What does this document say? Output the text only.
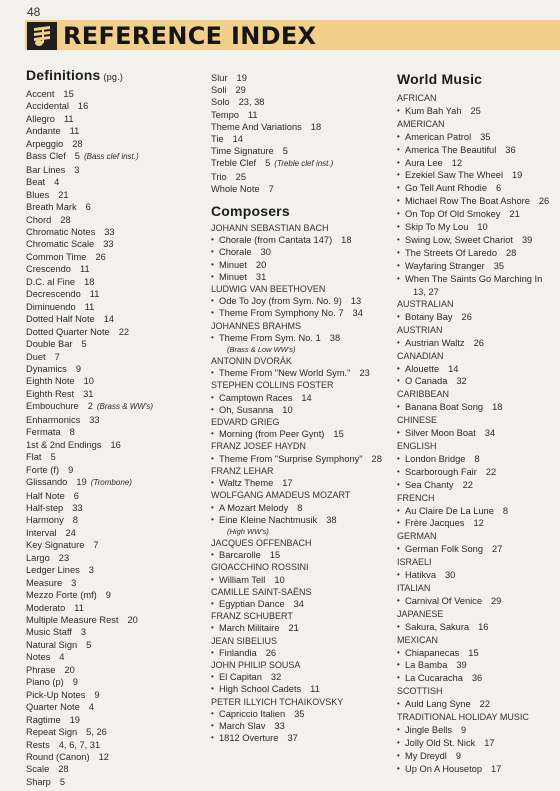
48
REFERENCE INDEX
Definitions (pg.)
Accent 15
Accidental 16
Allegro 11
Andante 11
Arpeggio 28
Bass Clef 5 (Bass clef inst.)
Bar Lines 3
Beat 4
Blues 21
Breath Mark 6
Chord 28
Chromatic Notes 33
Chromatic Scale 33
Common Time 26
Crescendo 11
D.C. al Fine 18
Decrescendo 11
Diminuendo 11
Dotted Half Note 14
Dotted Quarter Note 22
Double Bar 5
Duet 7
Dynamics 9
Eighth Note 10
Eighth Rest 31
Embouchure 2 (Brass & WW's)
Enharmonics 33
Fermata 8
1st & 2nd Endings 16
Flat 5
Forte (f) 9
Glissando 19 (Trombone)
Half Note 6
Half-step 33
Harmony 8
Interval 24
Key Signature 7
Largo 23
Ledger Lines 3
Measure 3
Mezzo Forte (mf) 9
Moderato 11
Multiple Measure Rest 20
Music Staff 3
Natural Sign 5
Notes 4
Phrase 20
Piano (p) 9
Pick-Up Notes 9
Quarter Note 4
Ragtime 19
Repeat Sign 5, 26
Rests 4, 6, 7, 31
Round (Canon) 12
Scale 28
Sharp 5
Slur 19
Soli 29
Solo 23, 38
Tempo 11
Theme And Variations 18
Tie 14
Time Signature 5
Treble Clef 5 (Treble clef inst.)
Trio 25
Whole Note 7
Composers
JOHANN SEBASTIAN BACH
• Chorale (from Cantata 147) 18
• Chorale 30
• Minuet 20
• Minuet 31
LUDWIG VAN BEETHOVEN
• Ode To Joy (from Sym. No. 9) 13
• Theme From Symphony No. 7 34
JOHANNES BRAHMS
• Theme From Sym. No. 1 38
(Brass & Low WW's)
ANTONIN DVORÁK
• Theme From "New World Sym." 23
STEPHEN COLLINS FOSTER
• Camptown Races 14
• Oh, Susanna 10
EDVARD GRIEG
• Morning (from Peer Gynt) 15
FRANZ JOSEF HAYDN
• Theme From "Surprise Symphony" 28
FRANZ LEHAR
• Waltz Theme 17
WOLFGANG AMADEUS MOZART
• A Mozart Melody 8
• Eine Kleine Nachtmusik 38
(High WW's)
JACQUES OFFENBACH
• Barcarolle 15
GIOACCHINO ROSSINI
• William Tell 10
CAMILLE SAINT-SAËNS
• Egyptian Dance 34
FRANZ SCHUBERT
• March Militaire 21
JEAN SIBELIUS
• Finlandia 26
JOHN PHILIP SOUSA
• El Capitan 32
• High School Cadets 11
PETER ILLYICH TCHAIKOVSKY
• Capriccio Italien 35
• March Slav 33
• 1812 Overture 37
World Music
AFRICAN
• Kum Bah Yah 25
AMERICAN
• American Patrol 35
• America The Beautiful 36
• Aura Lee 12
• Ezekiel Saw The Wheel 19
• Go Tell Aunt Rhodie 6
• Michael Row The Boat Ashore 26
• On Top Of Old Smokey 21
• Skip To My Lou 10
• Swing Low, Sweet Chariot 39
• The Streets Of Laredo 28
• Wayfaring Stranger 35
• When The Saints Go Marching In
13, 27
AUSTRALIAN
• Botany Bay 26
AUSTRIAN
• Austrian Waltz 26
CANADIAN
• Alouette 14
• O Canada 32
CARIBBEAN
• Banana Boat Song 18
CHINESE
• Silver Moon Boat 34
ENGLISH
• London Bridge 8
• Scarborough Fair 22
• Sea Chanty 22
FRENCH
• Au Claire De La Lune 8
• Frère Jacques 12
GERMAN
• German Folk Song 27
ISRAELI
• Hatikva 30
ITALIAN
• Carnival Of Venice 29
JAPANESE
• Sakura, Sakura 16
MEXICAN
• Chiapanecas 15
• La Bamba 39
• La Cucaracha 36
SCOTTISH
• Auld Lang Syne 22
TRADITIONAL HOLIDAY MUSIC
• Jingle Bells 9
• Jolly Old St. Nick 17
• My Dreydl 9
• Up On A Housetop 17
